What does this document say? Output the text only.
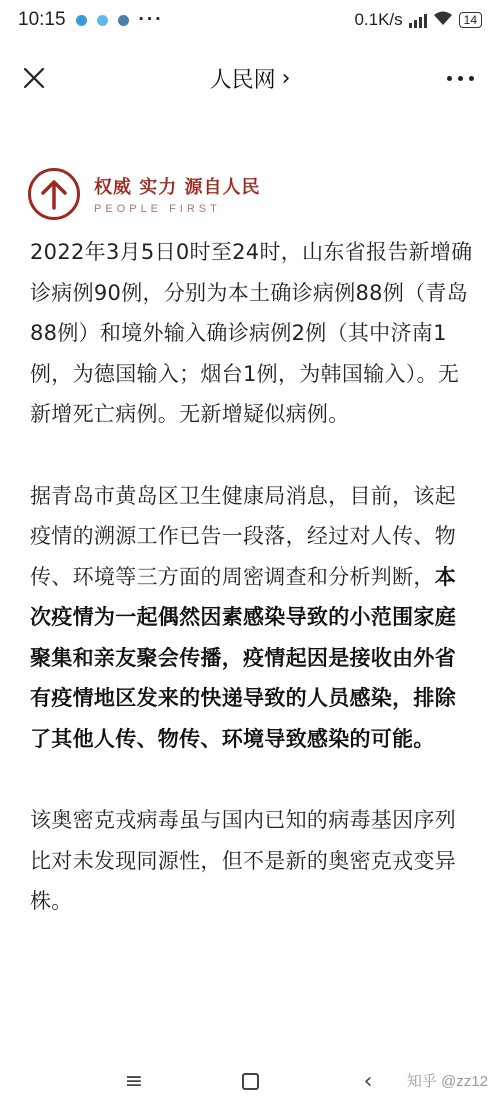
10:15	···	0.1K/s	14
人民网 ›
权威 实力 源自人民
PEOPLE FIRST

2022年3月5日0时至24时，山东省报告新增确诊病例90例，分别为本土确诊病例88例（青岛88例）和境外输入确诊病例2例（其中济南1例，为德国输入；烟台1例，为韩国输入）。无新增死亡病例。无新增疑似病例。

据青岛市黄岛区卫生健康局消息，目前，该起疫情的溯源工作已告一段落，经过对人传、物传、环境等三方面的周密调查和分析判断，本次疫情为一起偶然因素感染导致的小范围家庭聚集和亲友聚会传播，疫情起因是接收由外省有疫情地区发来的快递导致的人员感染，排除了其他人传、物传、环境导致感染的可能。

该奥密克戎病毒虽与国内已知的病毒基因序列比对未发现同源性，但不是新的奥密克戎变异株。

≡	‹ 知乎 @zz12
